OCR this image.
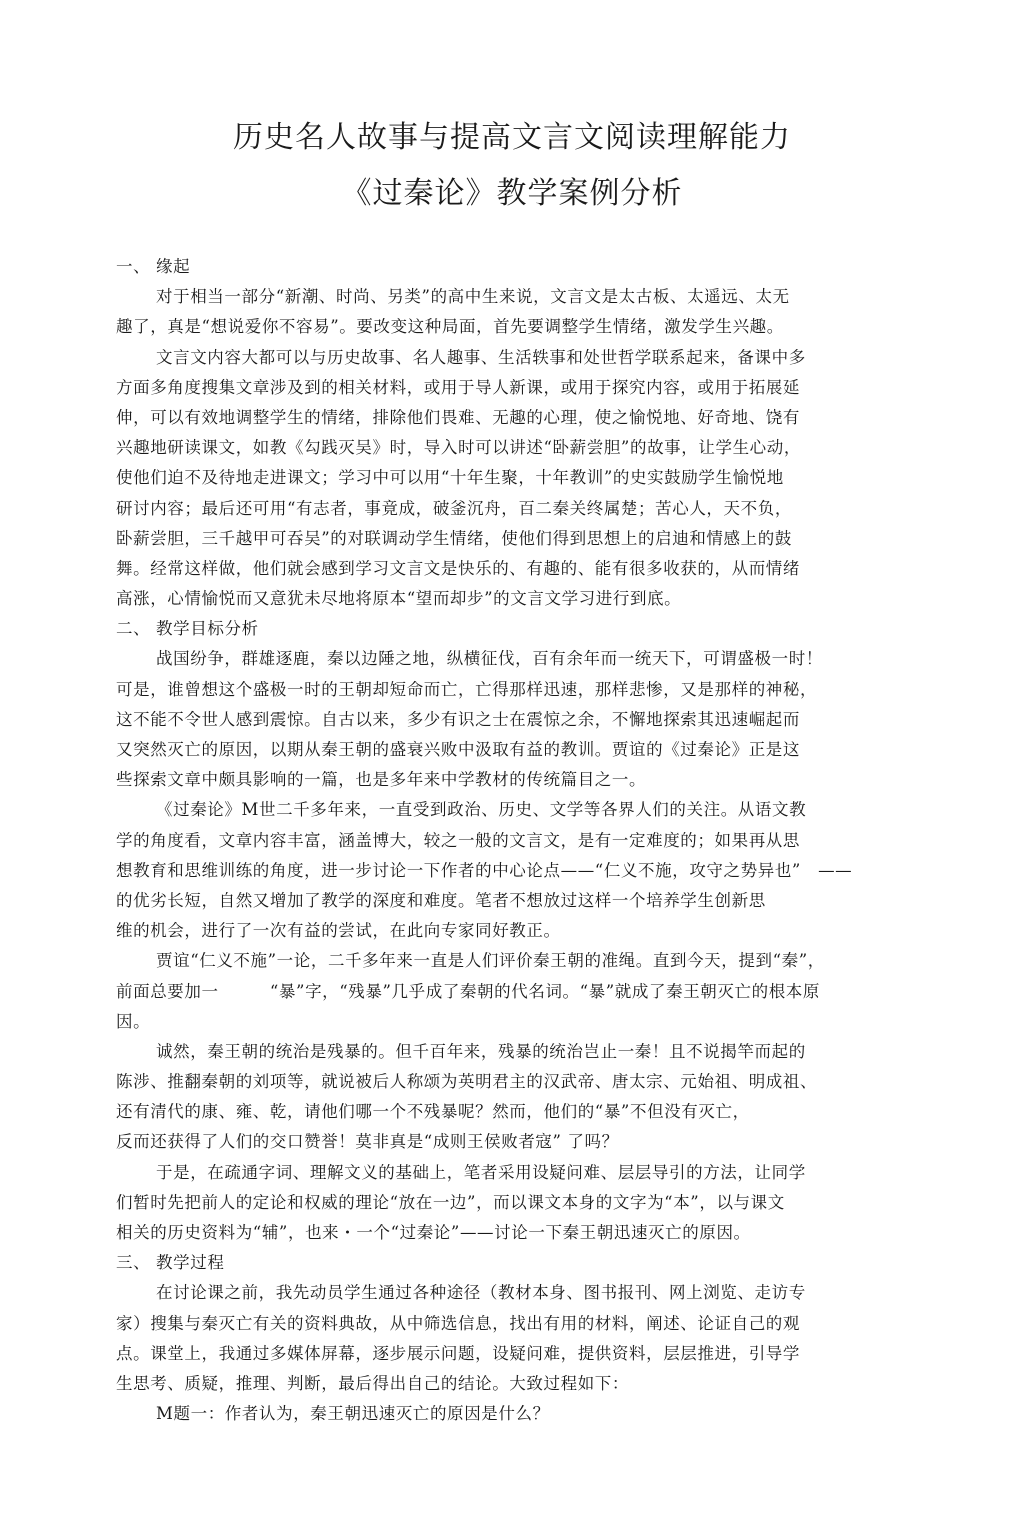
历史名人故事与提高文言文阅读理解能力
《过秦论》教学案例分析
一、 缘起
对于相当一部分“新潮、时尚、另类”的高中生来说，文言文是太古板、太遥远、太无
趣了，真是“想说爱你不容易”。要改变这种局面，首先要调整学生情绪，激发学生兴趣。
文言文内容大都可以与历史故事、名人趣事、生活轶事和处世哲学联系起来，备课中多
方面多角度搜集文章涉及到的相关材料，或用于导人新课，或用于探究内容，或用于拓展延
伸，可以有效地调整学生的情绪，排除他们畏难、无趣的心理，使之愉悦地、好奇地、饶有
兴趣地研读课文，如教《勾践灭吴》时，导入时可以讲述“卧薪尝胆”的故事，让学生心动，
使他们迫不及待地走进课文；学习中可以用“十年生聚，十年教训”的史实鼓励学生愉悦地
研讨内容；最后还可用“有志者，事竟成，破釜沉舟，百二秦关终属楚；苦心人，天不负，
卧薪尝胆，三千越甲可吞吴”的对联调动学生情绪，使他们得到思想上的启迪和情感上的鼓
舞。经常这样做，他们就会感到学习文言文是快乐的、有趣的、能有很多收获的，从而情绪
高涨，心情愉悦而又意犹未尽地将原本“望而却步”的文言文学习进行到底。
二、 教学目标分析
战国纷争，群雄逐鹿，秦以边陲之地，纵横征伐，百有余年而一统天下，可谓盛极一时！
可是，谁曾想这个盛极一时的王朝却短命而亡，亡得那样迅速，那样悲惨，又是那样的神秘，
这不能不令世人感到震惊。自古以来，多少有识之士在震惊之余，不懈地探索其迅速崛起而
又突然灭亡的原因，以期从秦王朝的盛衰兴败中汲取有益的教训。贾谊的《过秦论》正是这
些探索文章中颇具影响的一篇，也是多年来中学教材的传统篇目之一。
《过秦论》M世二千多年来，一直受到政治、历史、文学等各界人们的关注。从语文教
学的角度看，文章内容丰富，涵盖博大，较之一般的文言文，是有一定难度的；如果再从思
想教育和思维训练的角度，进一步讨论一下作者的中心论点——“仁义不施，攻守之势异也”　——
的优劣长短，自然又增加了教学的深度和难度。笔者不想放过这样一个培养学生创新思
维的机会，进行了一次有益的尝试，在此向专家同好教正。
贾谊“仁义不施”一论，二千多年来一直是人们评价秦王朝的准绳。直到今天，提到“秦”，
前面总要加一　　　“暴”字，“残暴”几乎成了秦朝的代名词。“暴”就成了秦王朝灭亡的根本原
因。
诚然，秦王朝的统治是残暴的。但千百年来，残暴的统治岂止一秦！且不说揭竿而起的
陈涉、推翻秦朝的刘项等，就说被后人称颂为英明君主的汉武帝、唐太宗、元始祖、明成祖、
还有清代的康、雍、乾，请他们哪一个不残暴呢？然而，他们的“暴”不但没有灭亡，
反而还获得了人们的交口赞誉！莫非真是“成则王侯败者寇” 了吗？
于是，在疏通字词、理解文义的基础上，笔者采用设疑问难、层层导引的方法，让同学
们暂时先把前人的定论和权威的理论“放在一边”，而以课文本身的文字为“本”，以与课文
相关的历史资料为“辅”，也来・一个“过秦论”——讨论一下秦王朝迅速灭亡的原因。
三、 教学过程
在讨论课之前，我先动员学生通过各种途径（教材本身、图书报刊、网上浏览、走访专
家）搜集与秦灭亡有关的资料典故，从中筛选信息，找出有用的材料，阐述、论证自己的观
点。课堂上，我通过多媒体屏幕，逐步展示问题，设疑问难，提供资料，层层推进，引导学
生思考、质疑，推理、判断，最后得出自己的结论。大致过程如下：
M题一：作者认为，秦王朝迅速灭亡的原因是什么？
